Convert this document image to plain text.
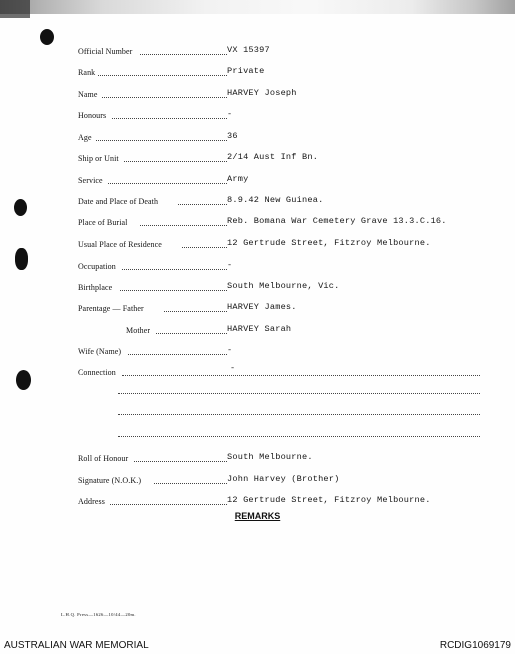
Official Number	VX 15397
Rank	Private
Name	HARVEY Joseph
Honours	-
Age	36
Ship or Unit	2/14 Aust Inf Bn.
Service	Army
Date and Place of Death	8.9.42 New Guinea.
Place of Burial	Reb. Bomana War Cemetery Grave 13.3.C.16.
Usual Place of Residence	12 Gertrude Street, Fitzroy Melbourne.
Occupation	-
Birthplace	South Melbourne, Vic.
Parentage — Father	HARVEY James.
Mother	HARVEY Sarah
Wife (Name)	-
Connection	-
Roll of Honour	South Melbourne.
Signature (N.O.K.)	John Harvey (Brother)
Address	12 Gertrude Street, Fitzroy Melbourne.
REMARKS
L.H.Q. Press—1626—10/44—20m.
AUSTRALIAN WAR MEMORIAL	RCDIG1069179
